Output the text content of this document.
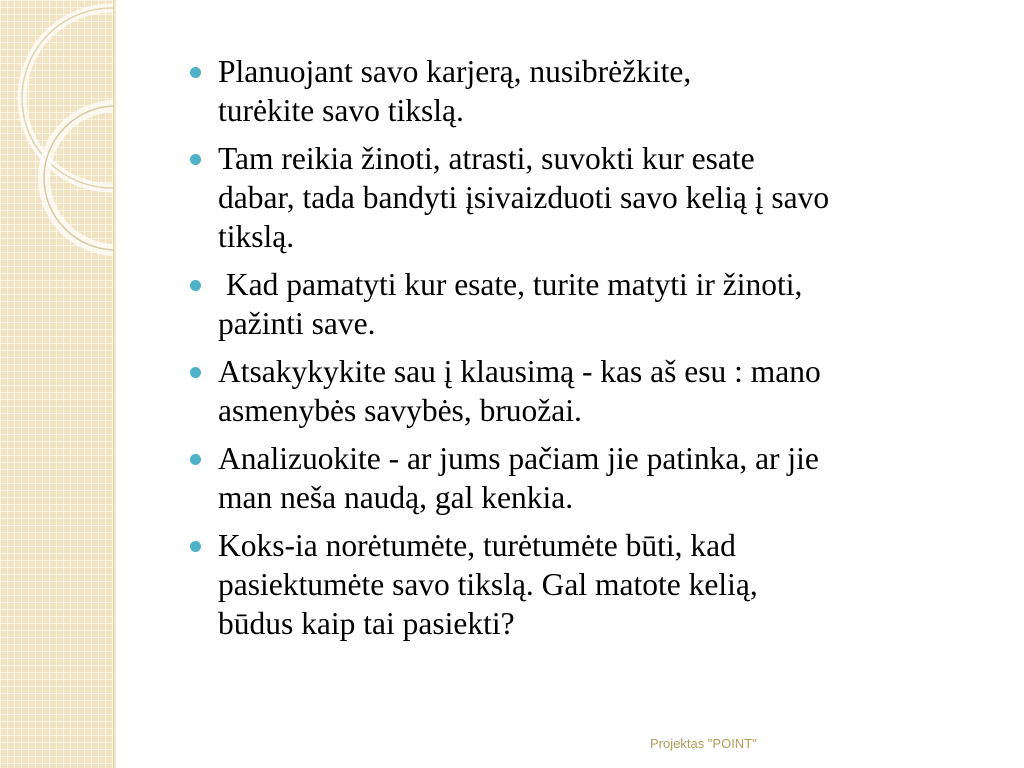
Planuojant savo karjerą, nusibrėžkite,
turėkite savo tikslą.
Tam reikia žinoti, atrasti, suvokti kur esate
dabar, tada bandyti įsivaizduoti savo kelią į savo
tikslą.
Kad pamatyti kur esate, turite matyti ir žinoti,
pažinti save.
Atsakykykite sau į klausimą - kas aš esu : mano
asmenybės savybės, bruožai.
Analizuokite - ar jums pačiam jie patinka, ar jie
man neša naudą, gal kenkia.
Koks-ia norėtumėte, turėtumėte būti, kad
pasiektumėte savo tikslą. Gal matote kelią,
būdus kaip tai pasiekti?
Projektas "POINT"
